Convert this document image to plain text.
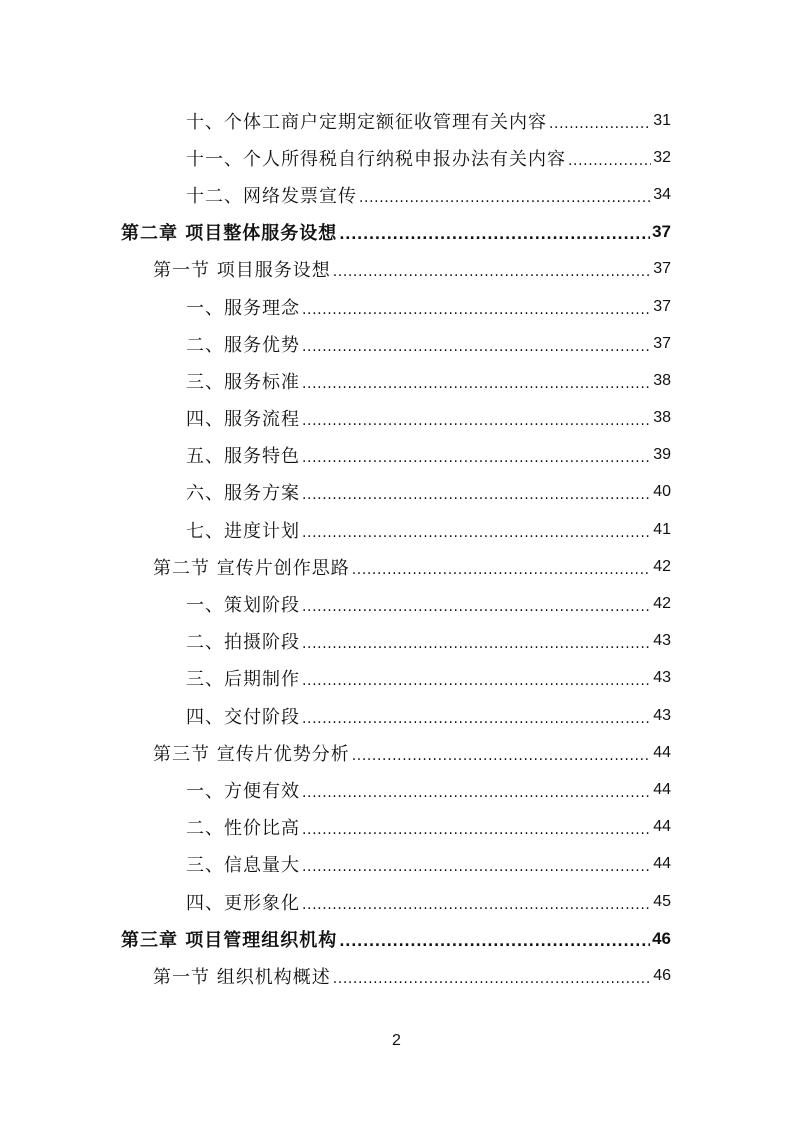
十、个体工商户定期定额征收管理有关内容 .....	31
十一、个人所得税自行纳税申报办法有关内容 .....	32
十二、网络发票宣传 .....	34
第二章 项目整体服务设想 .....	37
第一节 项目服务设想 .....	37
一、服务理念 .....	37
二、服务优势 .....	37
三、服务标准 .....	38
四、服务流程 .....	38
五、服务特色 .....	39
六、服务方案 .....	40
七、进度计划 .....	41
第二节 宣传片创作思路 .....	42
一、策划阶段 .....	42
二、拍摄阶段 .....	43
三、后期制作 .....	43
四、交付阶段 .....	43
第三节 宣传片优势分析 .....	44
一、方便有效 .....	44
二、性价比高 .....	44
三、信息量大 .....	44
四、更形象化 .....	45
第三章 项目管理组织机构 .....	46
第一节 组织机构概述 .....	46
2
